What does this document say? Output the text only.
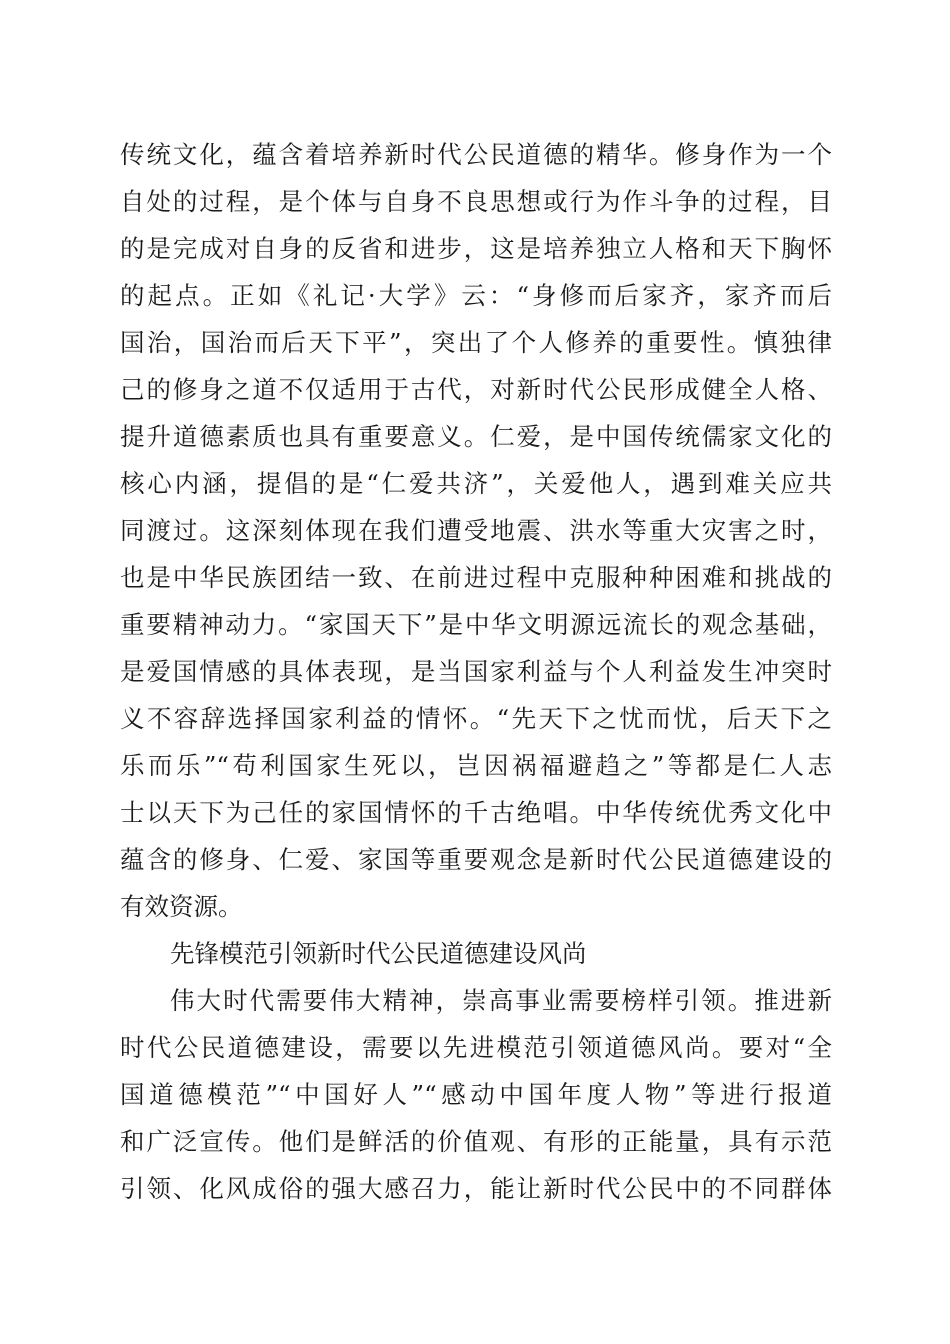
传统文化，蕴含着培养新时代公民道德的精华。修身作为一个
自处的过程，是个体与自身不良思想或行为作斗争的过程，目
的是完成对自身的反省和进步，这是培养独立人格和天下胸怀
的起点。正如《礼记·大学》云：“身修而后家齐，家齐而后
国治，国治而后天下平”，突出了个人修养的重要性。慎独律
己的修身之道不仅适用于古代，对新时代公民形成健全人格、
提升道德素质也具有重要意义。仁爱，是中国传统儒家文化的
核心内涵，提倡的是“仁爱共济”，关爱他人，遇到难关应共
同渡过。这深刻体现在我们遭受地震、洪水等重大灾害之时，
也是中华民族团结一致、在前进过程中克服种种困难和挑战的
重要精神动力。“家国天下”是中华文明源远流长的观念基础，
是爱国情感的具体表现，是当国家利益与个人利益发生冲突时
义不容辞选择国家利益的情怀。“先天下之忧而忧，后天下之
乐而乐”“苟利国家生死以，岂因祸福避趋之”等都是仁人志
士以天下为己任的家国情怀的千古绝唱。中华传统优秀文化中
蕴含的修身、仁爱、家国等重要观念是新时代公民道德建设的
有效资源。
先锋模范引领新时代公民道德建设风尚
伟大时代需要伟大精神，崇高事业需要榜样引领。推进新
时代公民道德建设，需要以先进模范引领道德风尚。要对“全
国道德模范”“中国好人”“感动中国年度人物”等进行报道
和广泛宣传。他们是鲜活的价值观、有形的正能量，具有示范
引领、化风成俗的强大感召力，能让新时代公民中的不同群体
